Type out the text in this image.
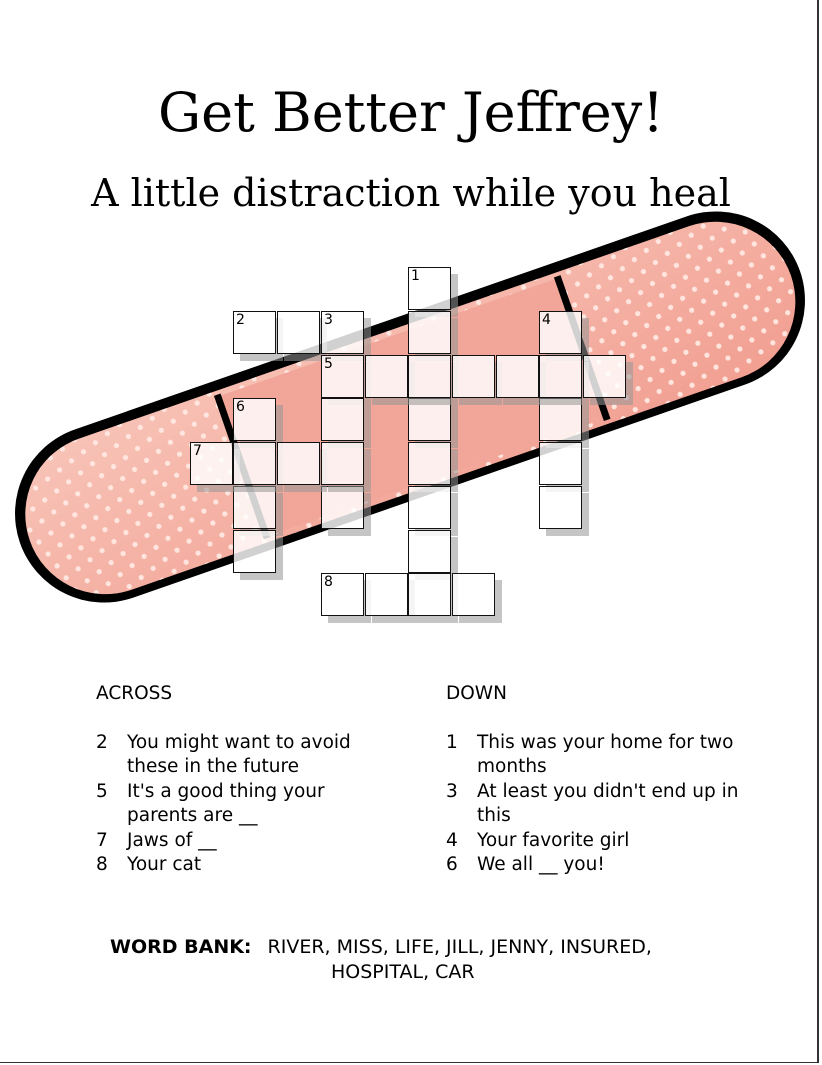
Get Better Jeffrey!
A little distraction while you heal
1
2	3	4
5
6
7
8
ACROSS
2	You might want to avoid these in the future
5	It's a good thing your parents are __
7	Jaws of __
8	Your cat
DOWN
1	This was your home for two months
3	At least you didn't end up in this
4	Your favorite girl
6	We all __ you!
WORD BANK: RIVER, MISS, LIFE, JILL, JENNY, INSURED,
HOSPITAL, CAR
